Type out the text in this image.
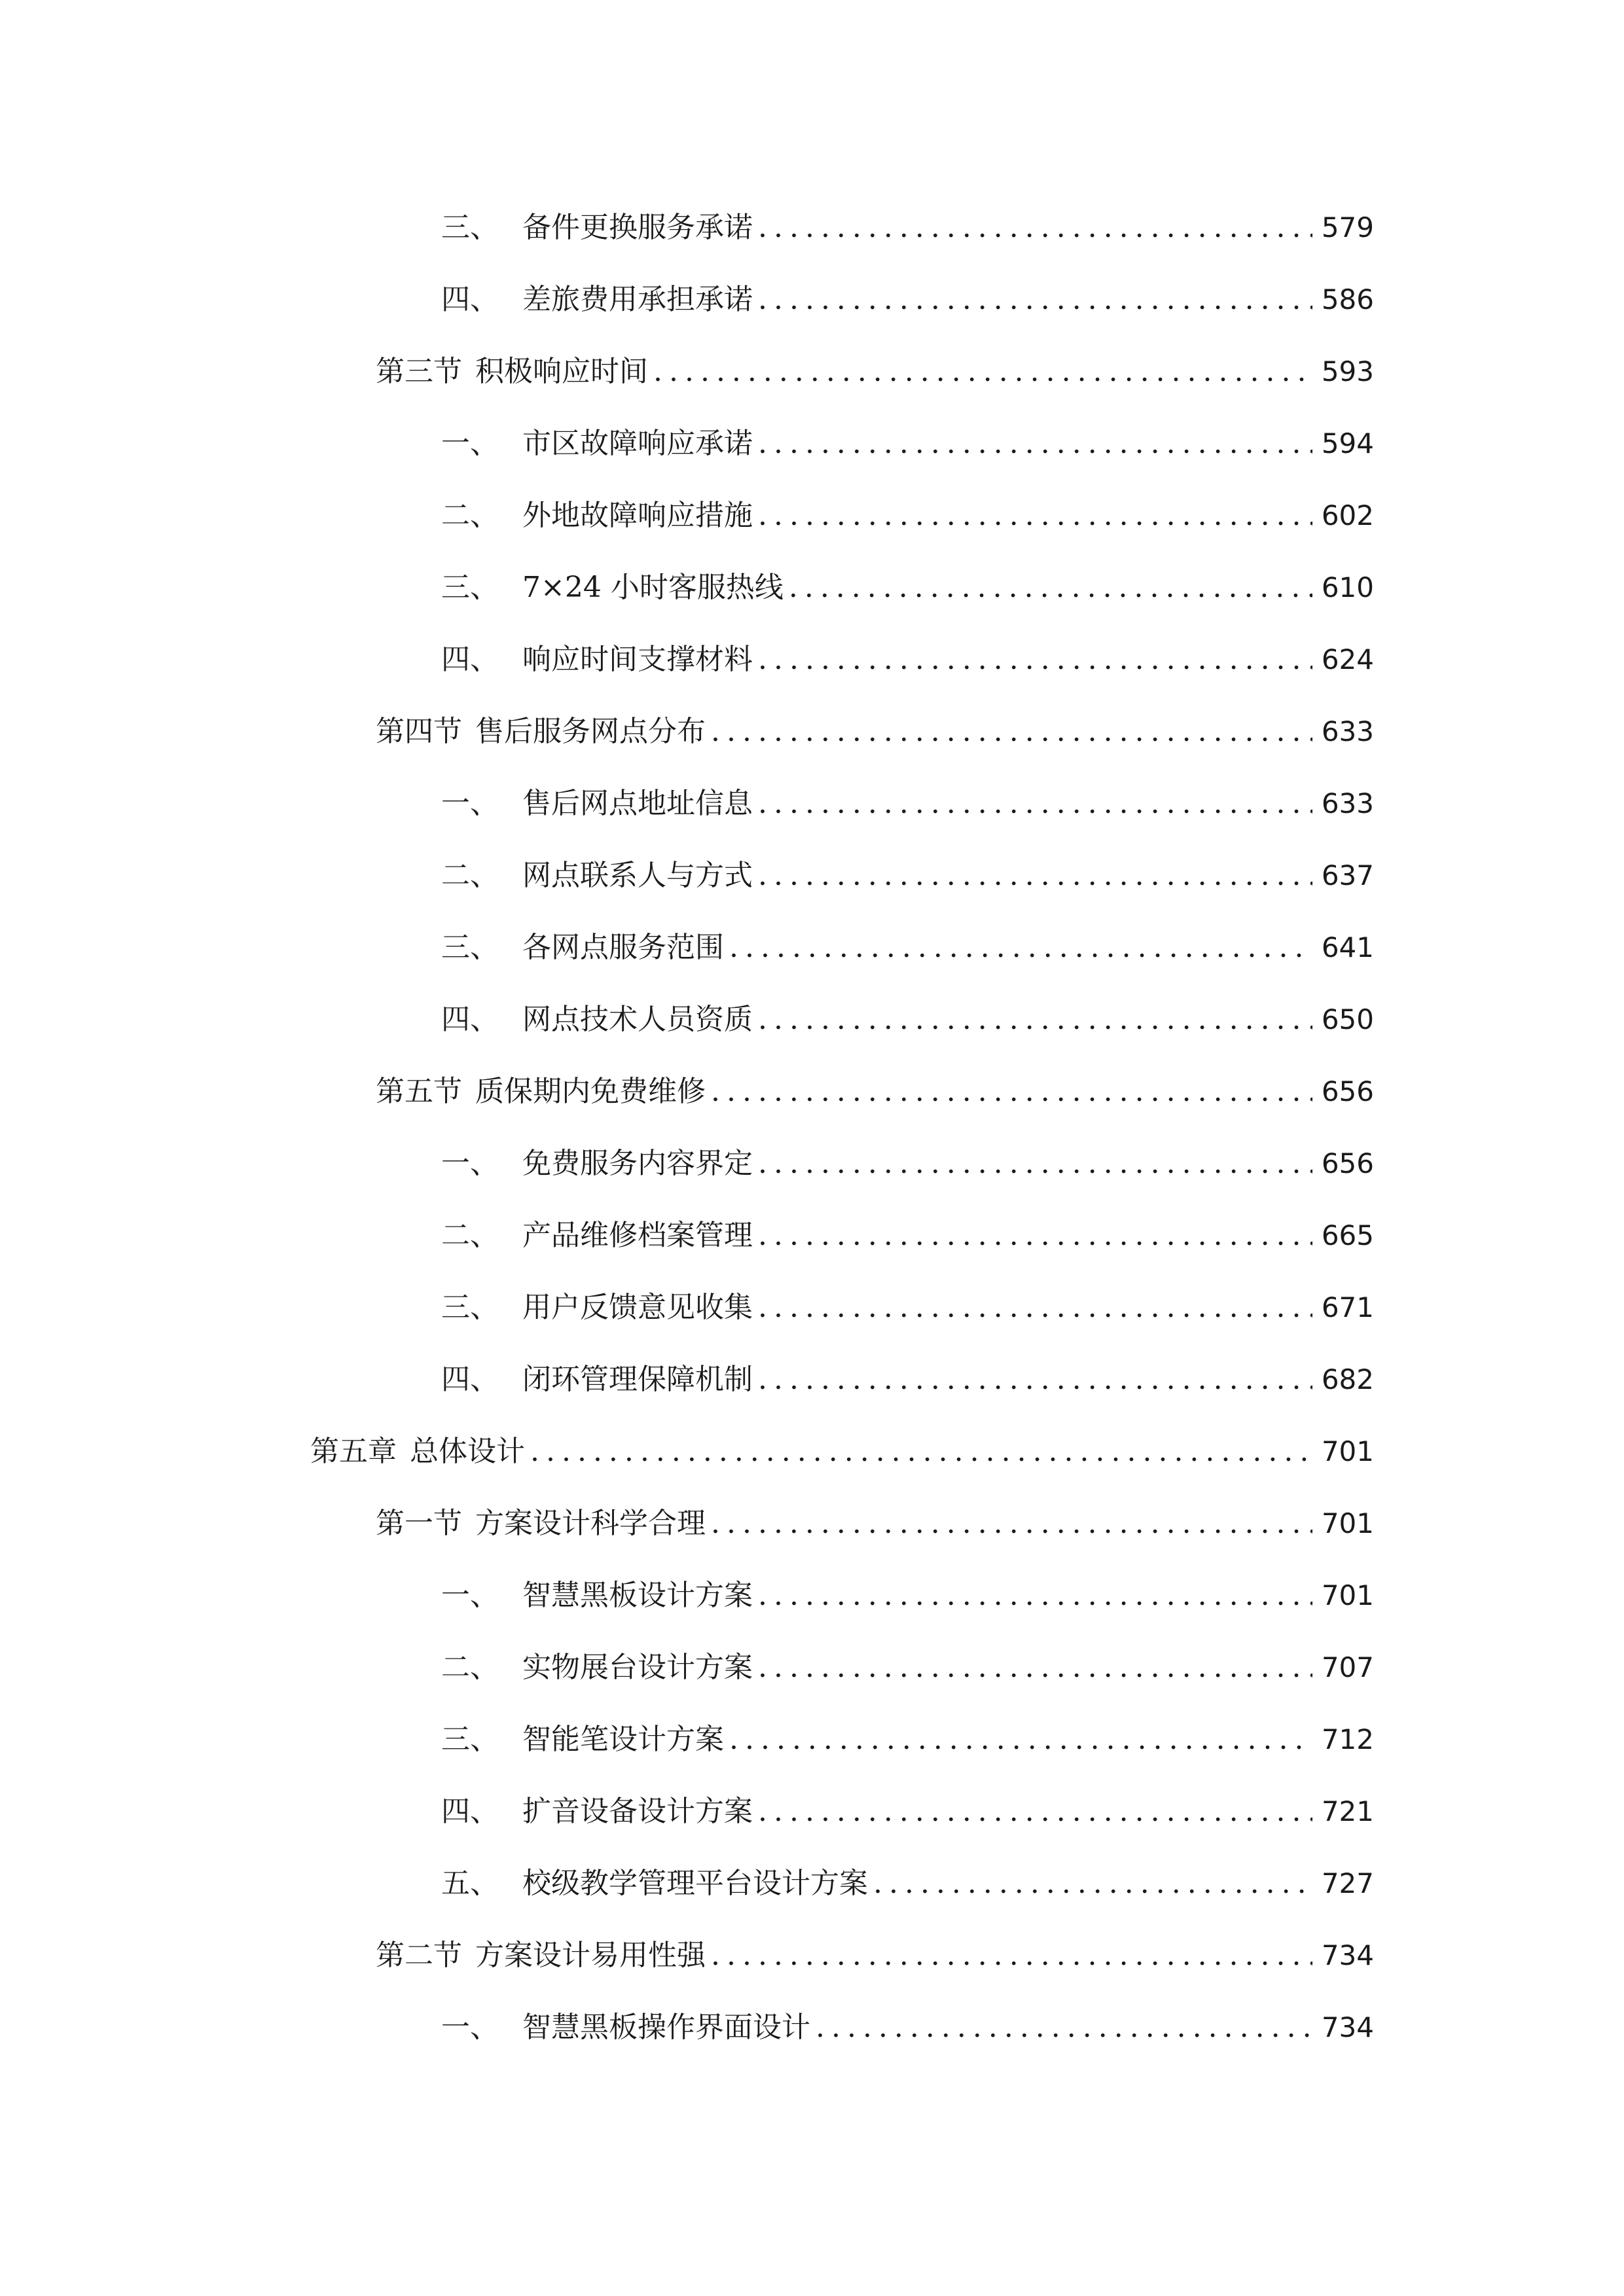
三、 备件更换服务承诺 .....	579
四、 差旅费用承担承诺 .....	586
第三节 积极响应时间 .....	593
一、 市区故障响应承诺 .....	594
二、 外地故障响应措施 .....	602
三、 7×24 小时客服热线 .....	610
四、 响应时间支撑材料 .....	624
第四节 售后服务网点分布 .....	633
一、 售后网点地址信息 .....	633
二、 网点联系人与方式 .....	637
三、 各网点服务范围 .....	641
四、 网点技术人员资质 .....	650
第五节 质保期内免费维修 .....	656
一、 免费服务内容界定 .....	656
二、 产品维修档案管理 .....	665
三、 用户反馈意见收集 .....	671
四、 闭环管理保障机制 .....	682
第五章 总体设计 .....	701
第一节 方案设计科学合理 .....	701
一、 智慧黑板设计方案 .....	701
二、 实物展台设计方案 .....	707
三、 智能笔设计方案 .....	712
四、 扩音设备设计方案 .....	721
五、 校级教学管理平台设计方案 .....	727
第二节 方案设计易用性强 .....	734
一、 智慧黑板操作界面设计 .....	734
